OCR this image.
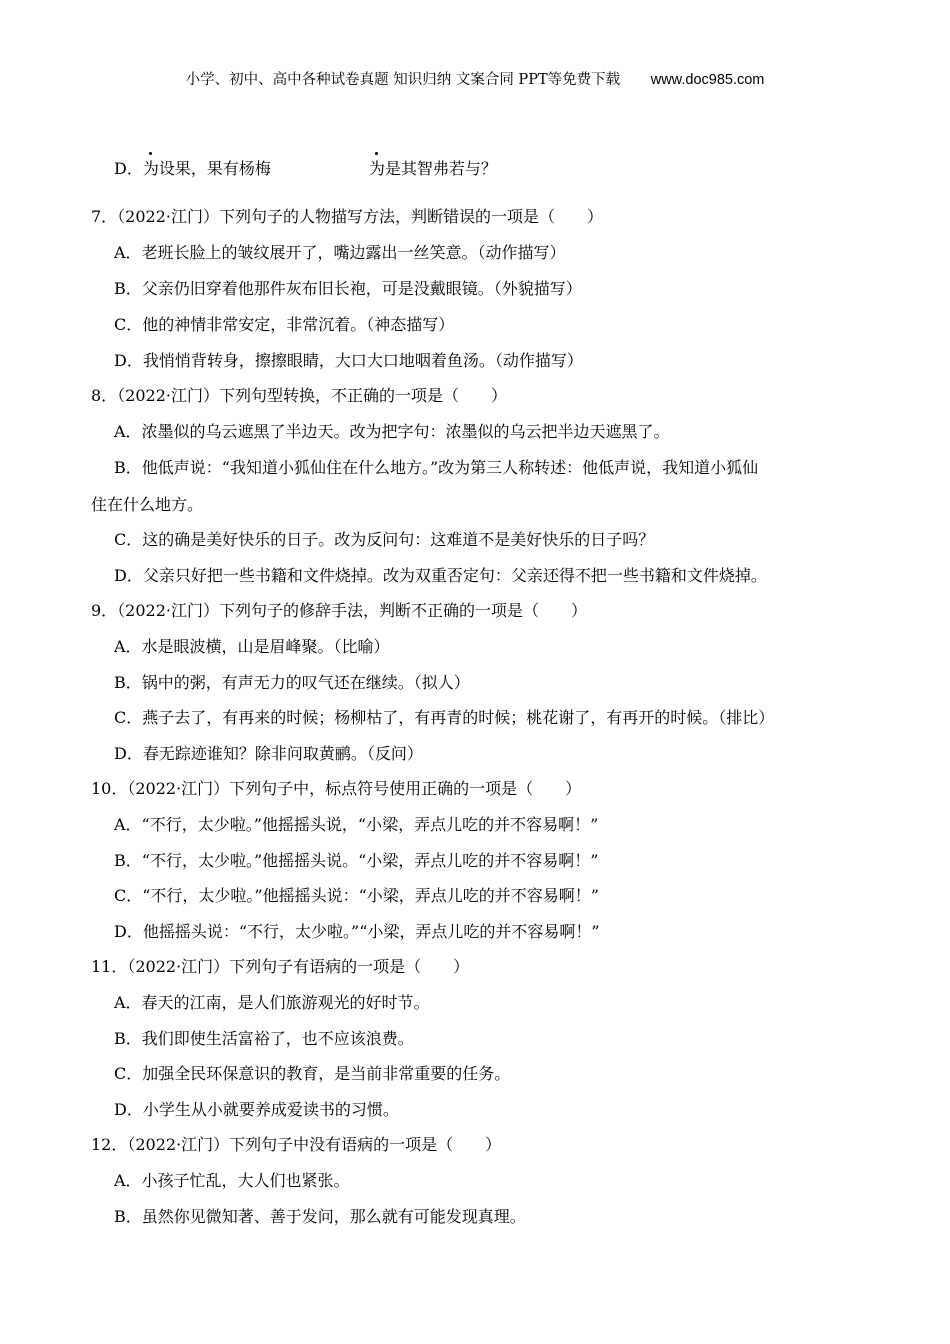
小学、初中、高中各种试卷真题 知识归纳 文案合同 PPT等免费下载 www.doc985.com
D．为设果，果有杨梅	为是其智弗若与？
7．（2022·江门）下列句子的人物描写方法，判断错误的一项是（　　）
A．老班长脸上的皱纹展开了，嘴边露出一丝笑意。（动作描写）
B．父亲仍旧穿着他那件灰布旧长袍，可是没戴眼镜。（外貌描写）
C．他的神情非常安定，非常沉着。（神态描写）
D．我悄悄背转身，擦擦眼睛，大口大口地咽着鱼汤。（动作描写）
8．（2022·江门）下列句型转换，不正确的一项是（　　）
A．浓墨似的乌云遮黑了半边天。改为把字句：浓墨似的乌云把半边天遮黑了。
B．他低声说：“我知道小狐仙住在什么地方。”改为第三人称转述：他低声说，我知道小狐仙
住在什么地方。
C．这的确是美好快乐的日子。改为反问句：这难道不是美好快乐的日子吗？
D．父亲只好把一些书籍和文件烧掉。改为双重否定句：父亲还得不把一些书籍和文件烧掉。
9．（2022·江门）下列句子的修辞手法，判断不正确的一项是（　　）
A．水是眼波横，山是眉峰聚。（比喻）
B．锅中的粥，有声无力的叹气还在继续。（拟人）
C．燕子去了，有再来的时候；杨柳枯了，有再青的时候；桃花谢了，有再开的时候。（排比）
D．春无踪迹谁知？除非问取黄鹂。（反问）
10．（2022·江门）下列句子中，标点符号使用正确的一项是（　　）
A．“不行，太少啦。”他摇摇头说，“小梁，弄点儿吃的并不容易啊！”
B．“不行，太少啦。”他摇摇头说。“小梁，弄点儿吃的并不容易啊！”
C．“不行，太少啦。”他摇摇头说：“小梁，弄点儿吃的并不容易啊！”
D．他摇摇头说：“不行，太少啦。”“小梁，弄点儿吃的并不容易啊！”
11．（2022·江门）下列句子有语病的一项是（　　）
A．春天的江南，是人们旅游观光的好时节。
B．我们即使生活富裕了，也不应该浪费。
C．加强全民环保意识的教育，是当前非常重要的任务。
D．小学生从小就要养成爱读书的习惯。
12．（2022·江门）下列句子中没有语病的一项是（　　）
A．小孩子忙乱，大人们也紧张。
B．虽然你见微知著、善于发问，那么就有可能发现真理。
